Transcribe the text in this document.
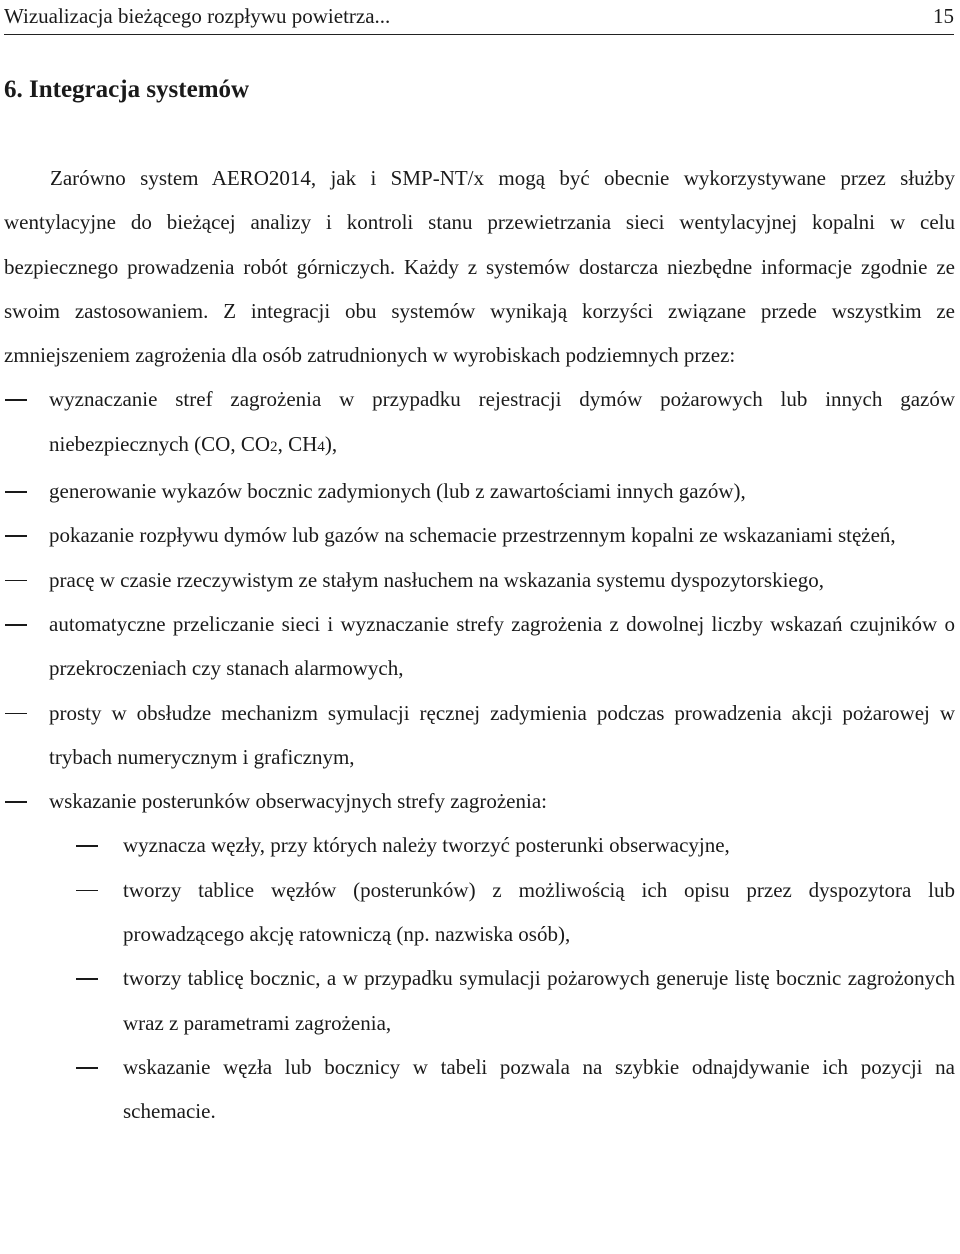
Wizualizacja bieżącego rozpływu powietrza...	15
6. Integracja systemów

Zarówno system AERO2014, jak i SMP-NT/x mogą być obecnie wykorzystywane przez służby wentylacyjne do bieżącej analizy i kontroli stanu przewietrzania sieci wentylacyjnej kopalni w celu bezpiecznego prowadzenia robót górniczych. Każdy z systemów dostarcza niezbędne informacje zgodnie ze swoim zastosowaniem. Z integracji obu systemów wynikają korzyści związane przede wszystkim ze zmniejszeniem zagrożenia dla osób zatrudnionych w wyrobiskach podziemnych przez:

wyznaczanie stref zagrożenia w przypadku rejestracji dymów pożarowych lub innych gazów niebezpiecznych (CO, CO2, CH4),
generowanie wykazów bocznic zadymionych (lub z zawartościami innych gazów),
pokazanie rozpływu dymów lub gazów na schemacie przestrzennym kopalni ze wskazaniami stężeń,
pracę w czasie rzeczywistym ze stałym nasłuchem na wskazania systemu dyspozytorskiego,
automatyczne przeliczanie sieci i wyznaczanie strefy zagrożenia z dowolnej liczby wskazań czujników o przekroczeniach czy stanach alarmowych,
prosty w obsłudze mechanizm symulacji ręcznej zadymienia podczas prowadzenia akcji pożarowej w trybach numerycznym i graficznym,
wskazanie posterunków obserwacyjnych strefy zagrożenia:
wyznacza węzły, przy których należy tworzyć posterunki obserwacyjne,
tworzy tablice węzłów (posterunków) z możliwością ich opisu przez dyspozytora lub prowadzącego akcję ratowniczą (np. nazwiska osób),
tworzy tablicę bocznic, a w przypadku symulacji pożarowych generuje listę bocznic zagrożonych wraz z parametrami zagrożenia,
wskazanie węzła lub bocznicy w tabeli pozwala na szybkie odnajdywanie ich pozycji na schemacie.
